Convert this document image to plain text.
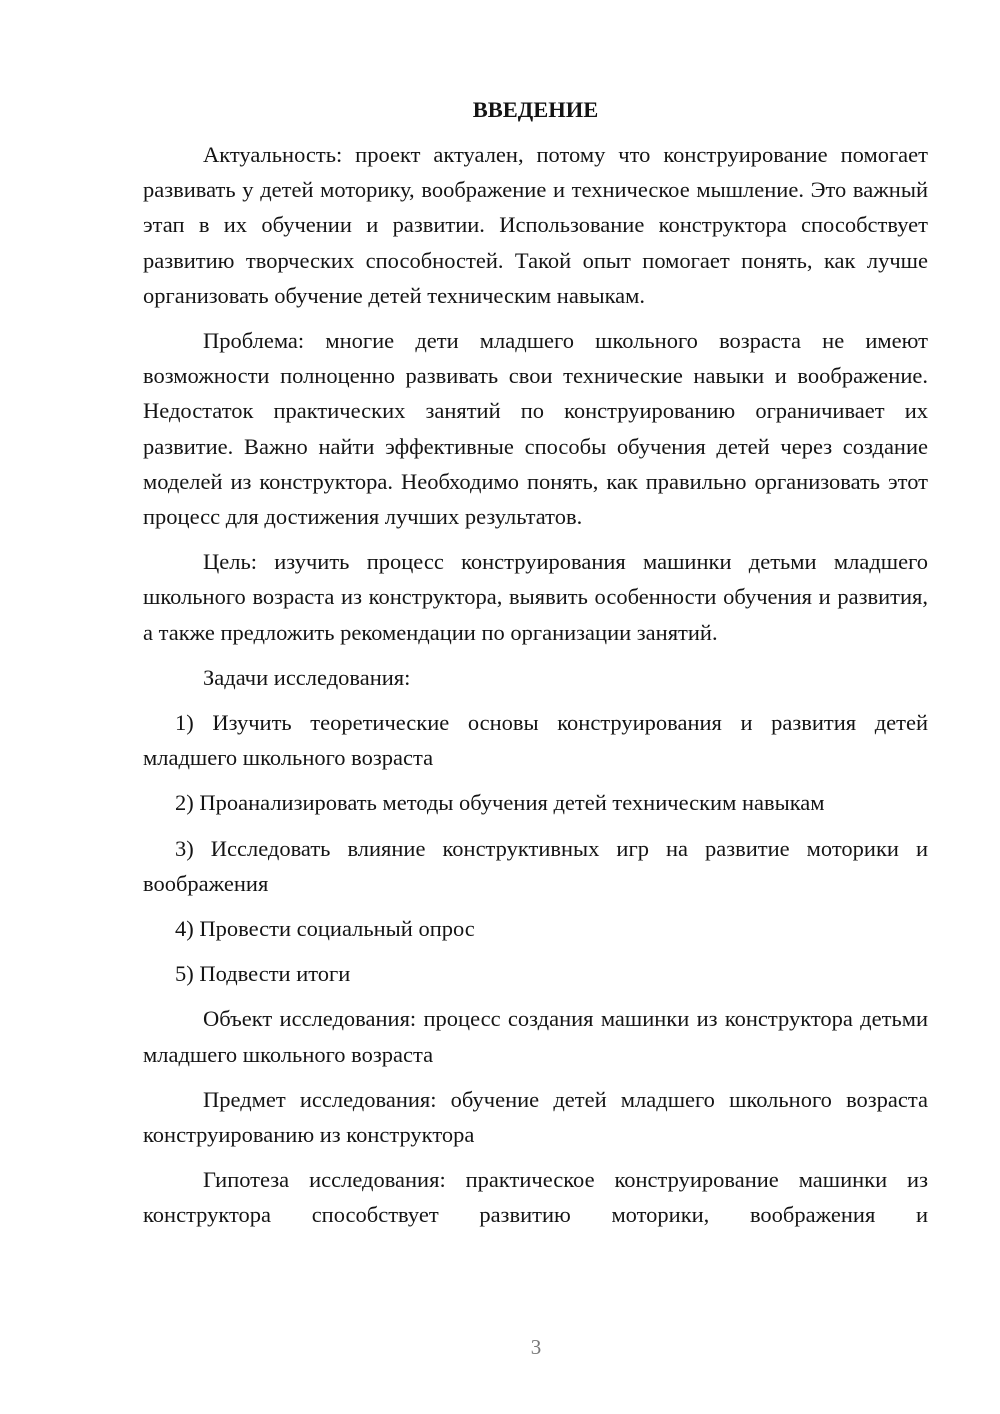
ВВЕДЕНИЕ

Актуальность: проект актуален, потому что конструирование помогает развивать у детей моторику, воображение и техническое мышление. Это важный этап в их обучении и развитии. Использование конструктора способствует развитию творческих способностей. Такой опыт помогает понять, как лучше организовать обучение детей техническим навыкам.

Проблема: многие дети младшего школьного возраста не имеют возможности полноценно развивать свои технические навыки и воображение. Недостаток практических занятий по конструированию ограничивает их развитие. Важно найти эффективные способы обучения детей через создание моделей из конструктора. Необходимо понять, как правильно организовать этот процесс для достижения лучших результатов.

Цель: изучить процесс конструирования машинки детьми младшего школьного возраста из конструктора, выявить особенности обучения и развития, а также предложить рекомендации по организации занятий.

Задачи исследования:

1) Изучить теоретические основы конструирования и развития детей младшего школьного возраста

2) Проанализировать методы обучения детей техническим навыкам

3) Исследовать влияние конструктивных игр на развитие моторики и воображения

4) Провести социальный опрос

5) Подвести итоги

Объект исследования: процесс создания машинки из конструктора детьми младшего школьного возраста

Предмет исследования: обучение детей младшего школьного возраста конструированию из конструктора

Гипотеза исследования: практическое конструирование машинки из конструктора способствует развитию моторики, воображения и

3
